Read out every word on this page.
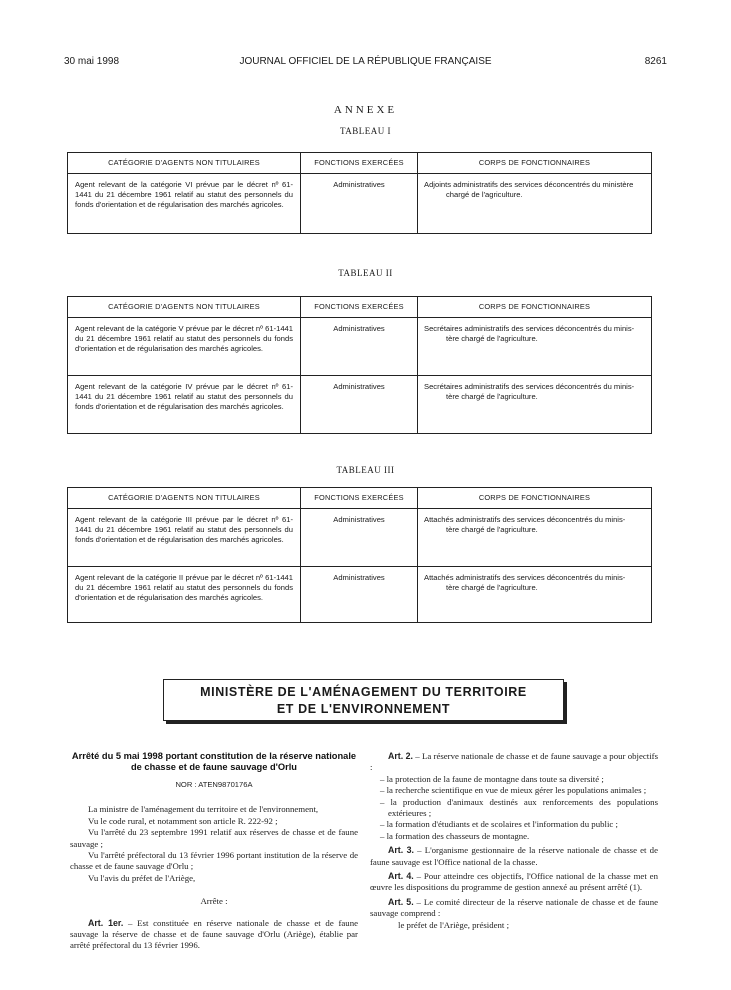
30 mai 1998	JOURNAL OFFICIEL DE LA RÉPUBLIQUE FRANÇAISE	8261
ANNEXE
TABLEAU I
CATÉGORIE D'AGENTS NON TITULAIRES	FONCTIONS EXERCÉES	CORPS DE FONCTIONNAIRES
Agent relevant de la catégorie VI prévue par le décret nº 61-1441 du 21 décembre 1961 relatif au statut des personnels du fonds d'orientation et de régularisation des marchés agricoles.	Administratives	Adjoints administratifs des services déconcentrés du ministère
chargé de l'agriculture.
TABLEAU II
CATÉGORIE D'AGENTS NON TITULAIRES	FONCTIONS EXERCÉES	CORPS DE FONCTIONNAIRES
Agent relevant de la catégorie V prévue par le décret nº 61-1441 du 21 décembre 1961 relatif au statut des personnels du fonds d'orientation et de régularisation des marchés agricoles.	Administratives	Secrétaires administratifs des services déconcentrés du minis-
tère chargé de l'agriculture.

Agent relevant de la catégorie IV prévue par le décret nº 61-1441 du 21 décembre 1961 relatif au statut des personnels du fonds d'orientation et de régularisation des marchés agricoles.	Administratives	Secrétaires administratifs des services déconcentrés du minis-
tère chargé de l'agriculture.
TABLEAU III
CATÉGORIE D'AGENTS NON TITULAIRES	FONCTIONS EXERCÉES	CORPS DE FONCTIONNAIRES
Agent relevant de la catégorie III prévue par le décret nº 61-1441 du 21 décembre 1961 relatif au statut des personnels du fonds d'orientation et de régularisation des marchés agricoles.	Administratives	Attachés administratifs des services déconcentrés du minis-
tère chargé de l'agriculture.

Agent relevant de la catégorie II prévue par le décret nº 61-1441 du 21 décembre 1961 relatif au statut des personnels du fonds d'orientation et de régularisation des marchés agricoles.	Administratives	Attachés administratifs des services déconcentrés du minis-
tère chargé de l'agriculture.
MINISTÈRE DE L'AMÉNAGEMENT DU TERRITOIRE
ET DE L'ENVIRONNEMENT
Arrêté du 5 mai 1998 portant constitution de la réserve nationale de chasse et de faune sauvage d'Orlu
NOR : ATEN9870176A

La ministre de l'aménagement du territoire et de l'environnement,

Vu le code rural, et notamment son article R. 222-92 ;

Vu l'arrêté du 23 septembre 1991 relatif aux réserves de chasse et de faune sauvage ;

Vu l'arrêté préfectoral du 13 février 1996 portant institution de la réserve de chasse et de faune sauvage d'Orlu ;

Vu l'avis du préfet de l'Ariège,

Arrête :

Art. 1er. – Est constituée en réserve nationale de chasse et de faune sauvage la réserve de chasse et de faune sauvage d'Orlu (Ariège), établie par arrêté préfectoral du 13 février 1996.

Art. 2. – La réserve nationale de chasse et de faune sauvage a pour objectifs :

– la protection de la faune de montagne dans toute sa diversité ;

– la recherche scientifique en vue de mieux gérer les populations animales ;

– la production d'animaux destinés aux renforcements des populations extérieures ;

– la formation d'étudiants et de scolaires et l'information du public ;

– la formation des chasseurs de montagne.

Art. 3. – L'organisme gestionnaire de la réserve nationale de chasse et de faune sauvage est l'Office national de la chasse.

Art. 4. – Pour atteindre ces objectifs, l'Office national de la chasse met en œuvre les dispositions du programme de gestion annexé au présent arrêté (1).

Art. 5. – Le comité directeur de la réserve nationale de chasse et de faune sauvage comprend :

le préfet de l'Ariège, président ;
